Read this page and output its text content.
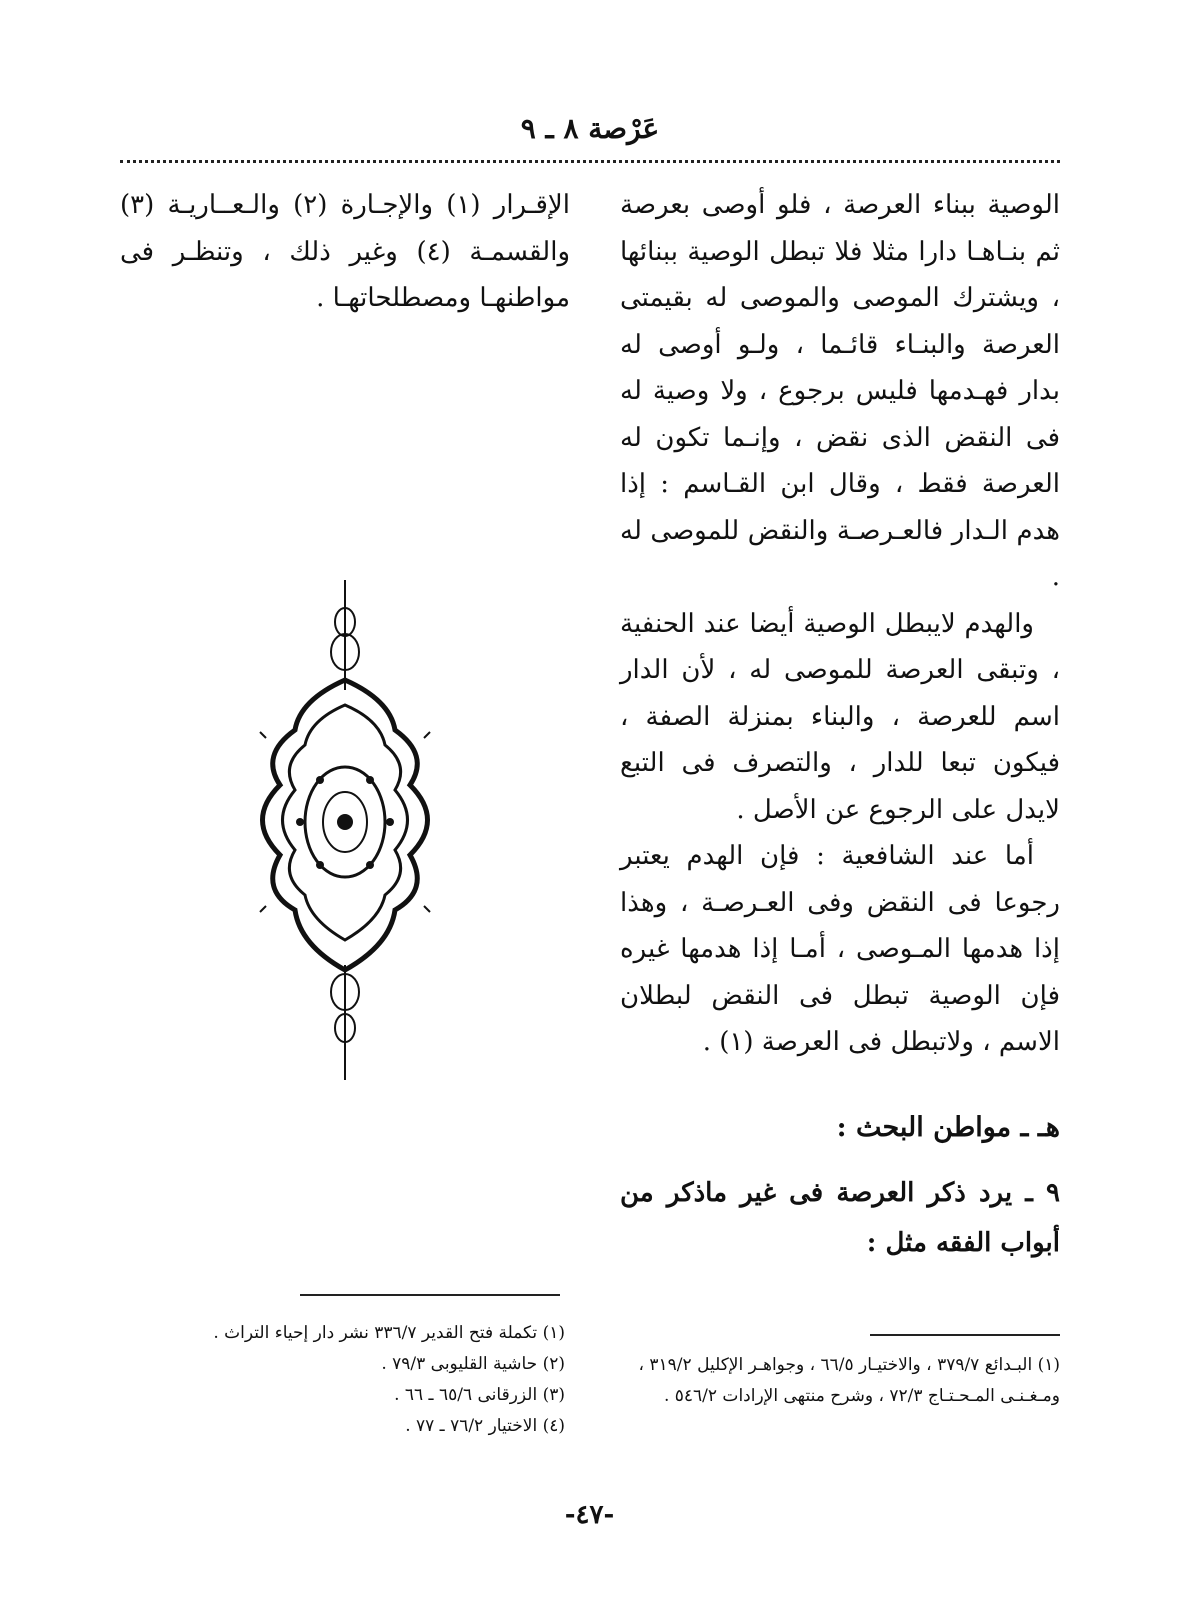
عَرْصة ٨ ـ ٩

الوصية ببناء العرصة ، فلو أوصى بعرصة ثم بنـاهـا دارا مثلا فلا تبطل الوصية ببنائها ، ويشترك الموصى والموصى له بقيمتى العرصة والبنـاء قائـما ، ولـو أوصى له بدار فهـدمها فليس برجوع ، ولا وصية له فى النقض الذى نقض ، وإنـما تكون له العرصة فقط ، وقال ابن القـاسم : إذا هدم الـدار فالعـرصـة والنقض للموصى له .

والهدم لايبطل الوصية أيضا عند الحنفية ، وتبقى العرصة للموصى له ، لأن الدار اسم للعرصة ، والبناء بمنزلة الصفة ، فيكون تبعا للدار ، والتصرف فى التبع لايدل على الرجوع عن الأصل .

أما عند الشافعية : فإن الهدم يعتبر رجوعا فى النقض وفى العـرصـة ، وهذا إذا هدمها المـوصى ، أمـا إذا هدمها غيره فإن الوصية تبطل فى النقض لبطلان الاسم ، ولاتبطل فى العرصة (١) .

هـ ـ مواطن البحث :
٩ ـ يرد ذكر العرصة فى غير ماذكر من أبواب الفقه مثل :

الإقـرار (١) والإجـارة (٢) والـعــاريـة (٣) والقسمـة (٤) وغير ذلك ، وتنظـر فى مواطنهـا ومصطلحاتهـا .

(١) تكملة فتح القدير ٣٣٦/٧ نشر دار إحياء التراث .

(٢) حاشية القليوبى ٧٩/٣ .

(٣) الزرقانى ٦٥/٦ ـ ٦٦ .

(٤) الاختيار ٧٦/٢ ـ ٧٧ .

(١) البـدائع ٣٧٩/٧ ، والاختيـار ٦٦/٥ ، وجواهـر الإكليل ٣١٩/٢ ، ومـغـنـى المـحـتـاج ٧٢/٣ ، وشرح منتهى الإرادات ٥٤٦/٢ .

-٤٧-
